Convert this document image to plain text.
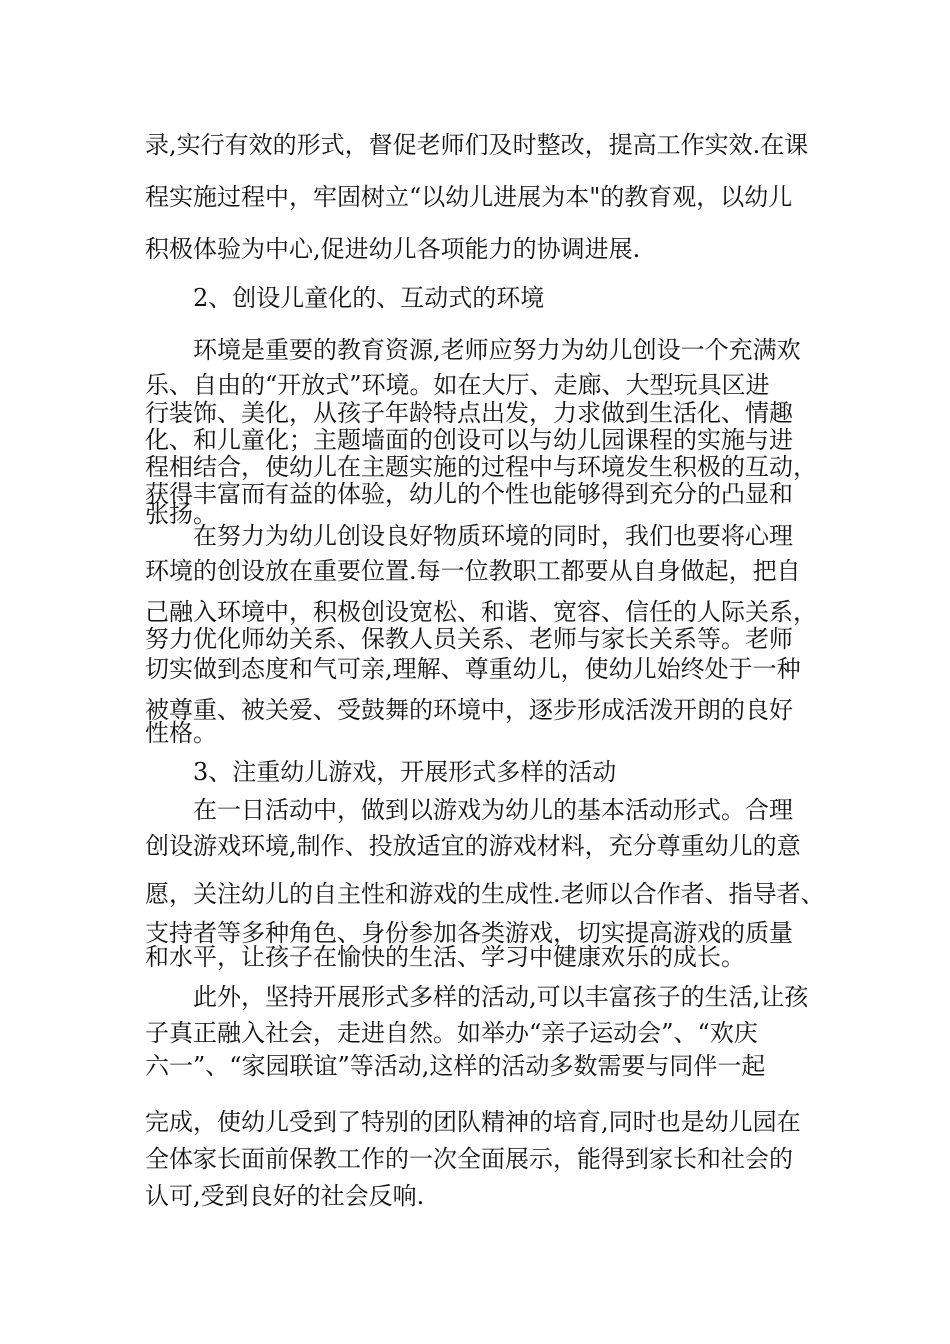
录,实行有效的形式，督促老师们及时整改，提高工作实效.在课
程实施过程中，牢固树立“以幼儿进展为本"的教育观，以幼儿
积极体验为中心,促进幼儿各项能力的协调进展.
2、创设儿童化的、互动式的环境
环境是重要的教育资源,老师应努力为幼儿创设一个充满欢
乐、自由的“开放式”环境。如在大厅、走廊、大型玩具区进
行装饰、美化，从孩子年龄特点出发，力求做到生活化、情趣
化、和儿童化；主题墙面的创设可以与幼儿园课程的实施与进
程相结合，使幼儿在主题实施的过程中与环境发生积极的互动，
获得丰富而有益的体验，幼儿的个性也能够得到充分的凸显和
张扬。
在努力为幼儿创设良好物质环境的同时，我们也要将心理
环境的创设放在重要位置.每一位教职工都要从自身做起，把自
己融入环境中，积极创设宽松、和谐、宽容、信任的人际关系，
努力优化师幼关系、保教人员关系、老师与家长关系等。老师
切实做到态度和气可亲,理解、尊重幼儿，使幼儿始终处于一种
被尊重、被关爱、受鼓舞的环境中，逐步形成活泼开朗的良好
性格。
3、注重幼儿游戏，开展形式多样的活动
在一日活动中，做到以游戏为幼儿的基本活动形式。合理
创设游戏环境,制作、投放适宜的游戏材料，充分尊重幼儿的意
愿，关注幼儿的自主性和游戏的生成性.老师以合作者、指导者、
支持者等多种角色、身份参加各类游戏，切实提高游戏的质量
和水平，让孩子在愉快的生活、学习中健康欢乐的成长。
此外，坚持开展形式多样的活动,可以丰富孩子的生活,让孩
子真正融入社会，走进自然。如举办“亲子运动会”、“欢庆
六一”、“家园联谊”等活动,这样的活动多数需要与同伴一起
完成，使幼儿受到了特别的团队精神的培育,同时也是幼儿园在
全体家长面前保教工作的一次全面展示，能得到家长和社会的
认可,受到良好的社会反响.
